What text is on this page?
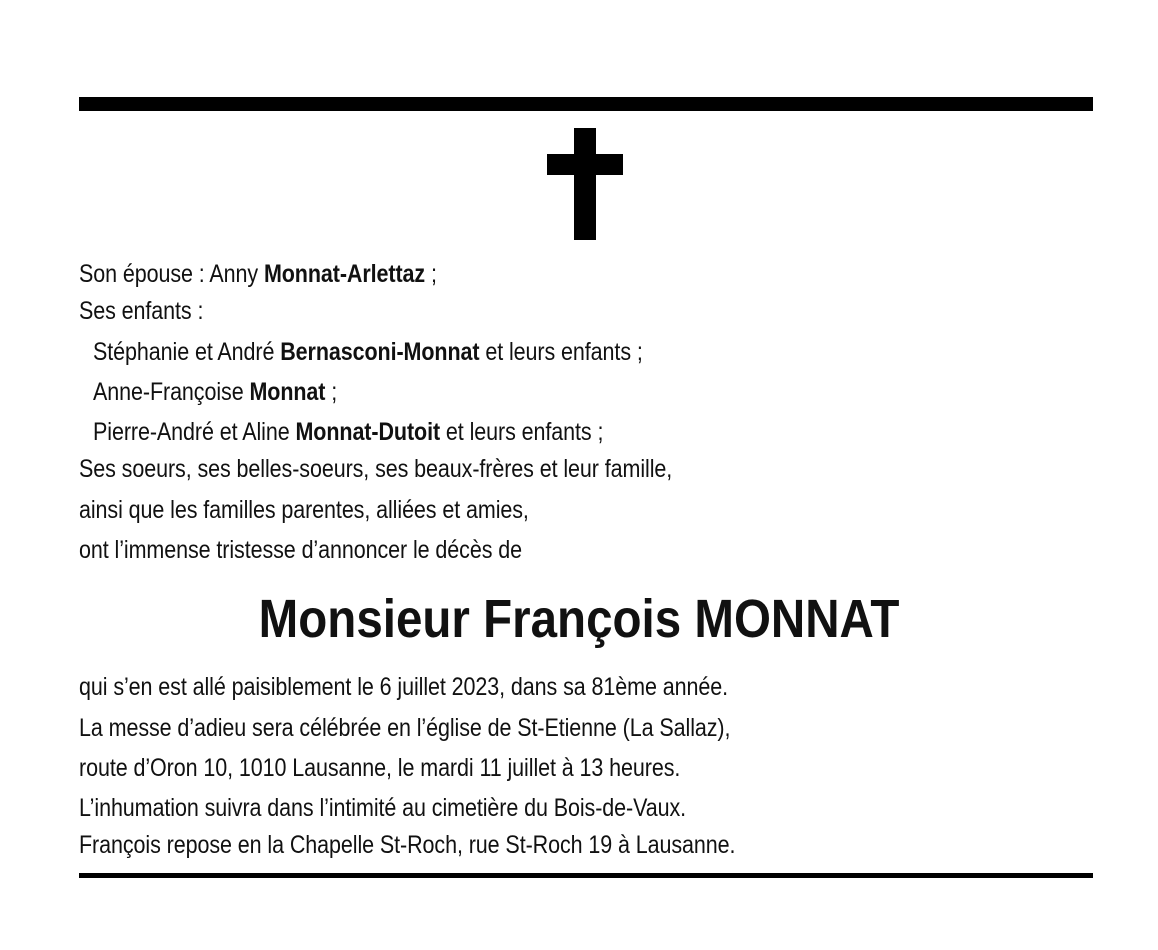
Son épouse : Anny Monnat-Arlettaz ;
Ses enfants :
Stéphanie et André Bernasconi-Monnat et leurs enfants ;
Anne-Françoise Monnat ;
Pierre-André et Aline Monnat-Dutoit et leurs enfants ;
Ses soeurs, ses belles-soeurs, ses beaux-frères et leur famille,
ainsi que les familles parentes, alliées et amies,
ont l’immense tristesse d’annoncer le décès de
Monsieur François MONNAT
qui s’en est allé paisiblement le 6 juillet 2023, dans sa 81ème année.
La messe d’adieu sera célébrée en l’église de St-Etienne (La Sallaz),
route d’Oron 10, 1010 Lausanne, le mardi 11 juillet à 13 heures.
L’inhumation suivra dans l’intimité au cimetière du Bois-de-Vaux.
François repose en la Chapelle St-Roch, rue St-Roch 19 à Lausanne.
